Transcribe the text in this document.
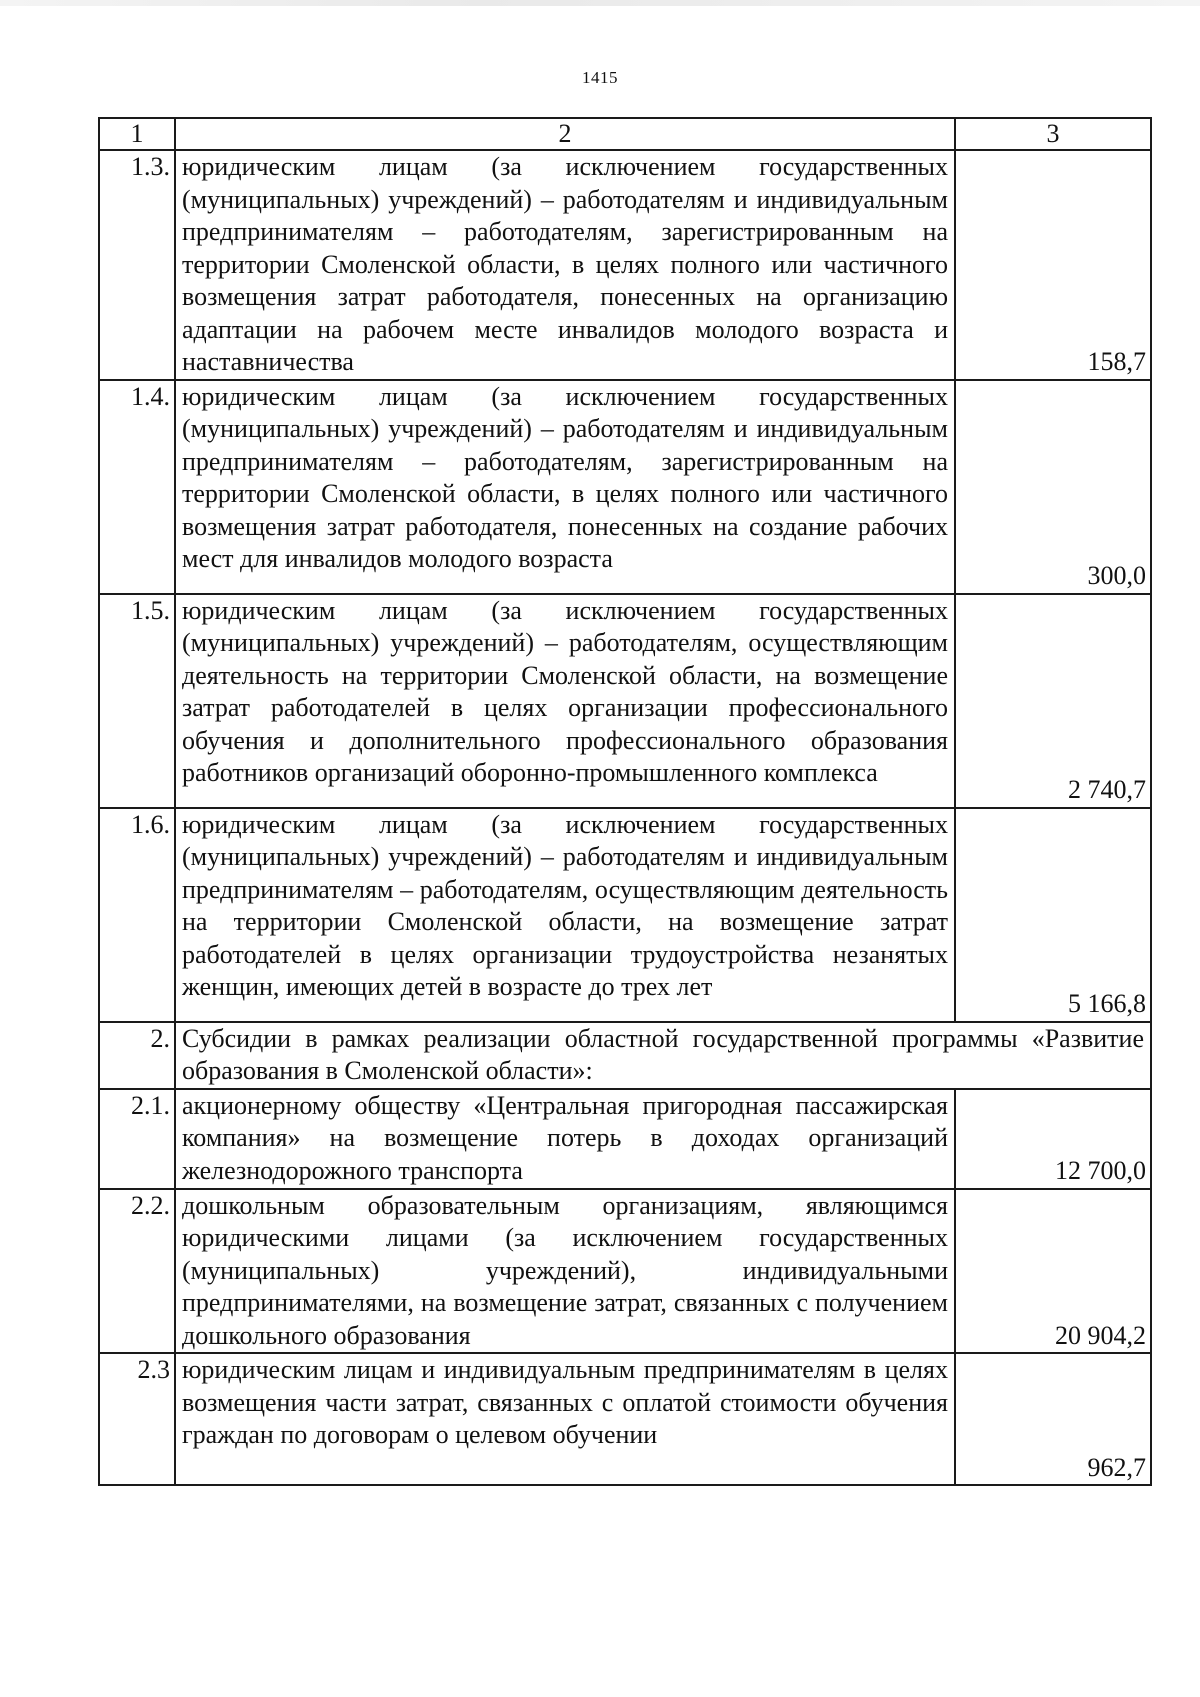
1415
1	2	3
1.3.	юридическим лицам (за исключением государственных (муниципальных) учреждений) – работодателям и индивидуальным предпринимателям – работодателям, зарегистрированным на территории Смоленской области, в целях полного или частичного возмещения затрат работодателя, понесенных на организацию адаптации на рабочем месте инвалидов молодого возраста и наставничества	158,7
1.4.	юридическим лицам (за исключением государственных (муниципальных) учреждений) – работодателям и индивидуальным предпринимателям – работодателям, зарегистрированным на территории Смоленской области, в целях полного или частичного возмещения затрат работодателя, понесенных на создание рабочих мест для инвалидов молодого возраста	300,0
1.5.	юридическим лицам (за исключением государственных (муниципальных) учреждений) – работодателям, осуществляющим деятельность на территории Смоленской области, на возмещение затрат работодателей в целях организации профессионального обучения и дополнительного профессионального образования работников организаций оборонно-промышленного комплекса	2 740,7
1.6.	юридическим лицам (за исключением государственных (муниципальных) учреждений) – работодателям и индивидуальным предпринимателям – работодателям, осуществляющим деятельность на территории Смоленской области, на возмещение затрат работодателей в целях организации трудоустройства незанятых женщин, имеющих детей в возрасте до трех лет	5 166,8
2.	Субсидии в рамках реализации областной государственной программы «Развитие образования в Смоленской области»:	
2.1.	акционерному обществу «Центральная пригородная пассажирская компания» на возмещение потерь в доходах организаций железнодорожного транспорта	12 700,0
2.2.	дошкольным образовательным организациям, являющимся юридическими лицами (за исключением государственных (муниципальных) учреждений), индивидуальными предпринимателями, на возмещение затрат, связанных с получением дошкольного образования	20 904,2
2.3	юридическим лицам и индивидуальным предпринимателям в целях возмещения части затрат, связанных с оплатой стоимости обучения граждан по договорам о целевом обучении	962,7
